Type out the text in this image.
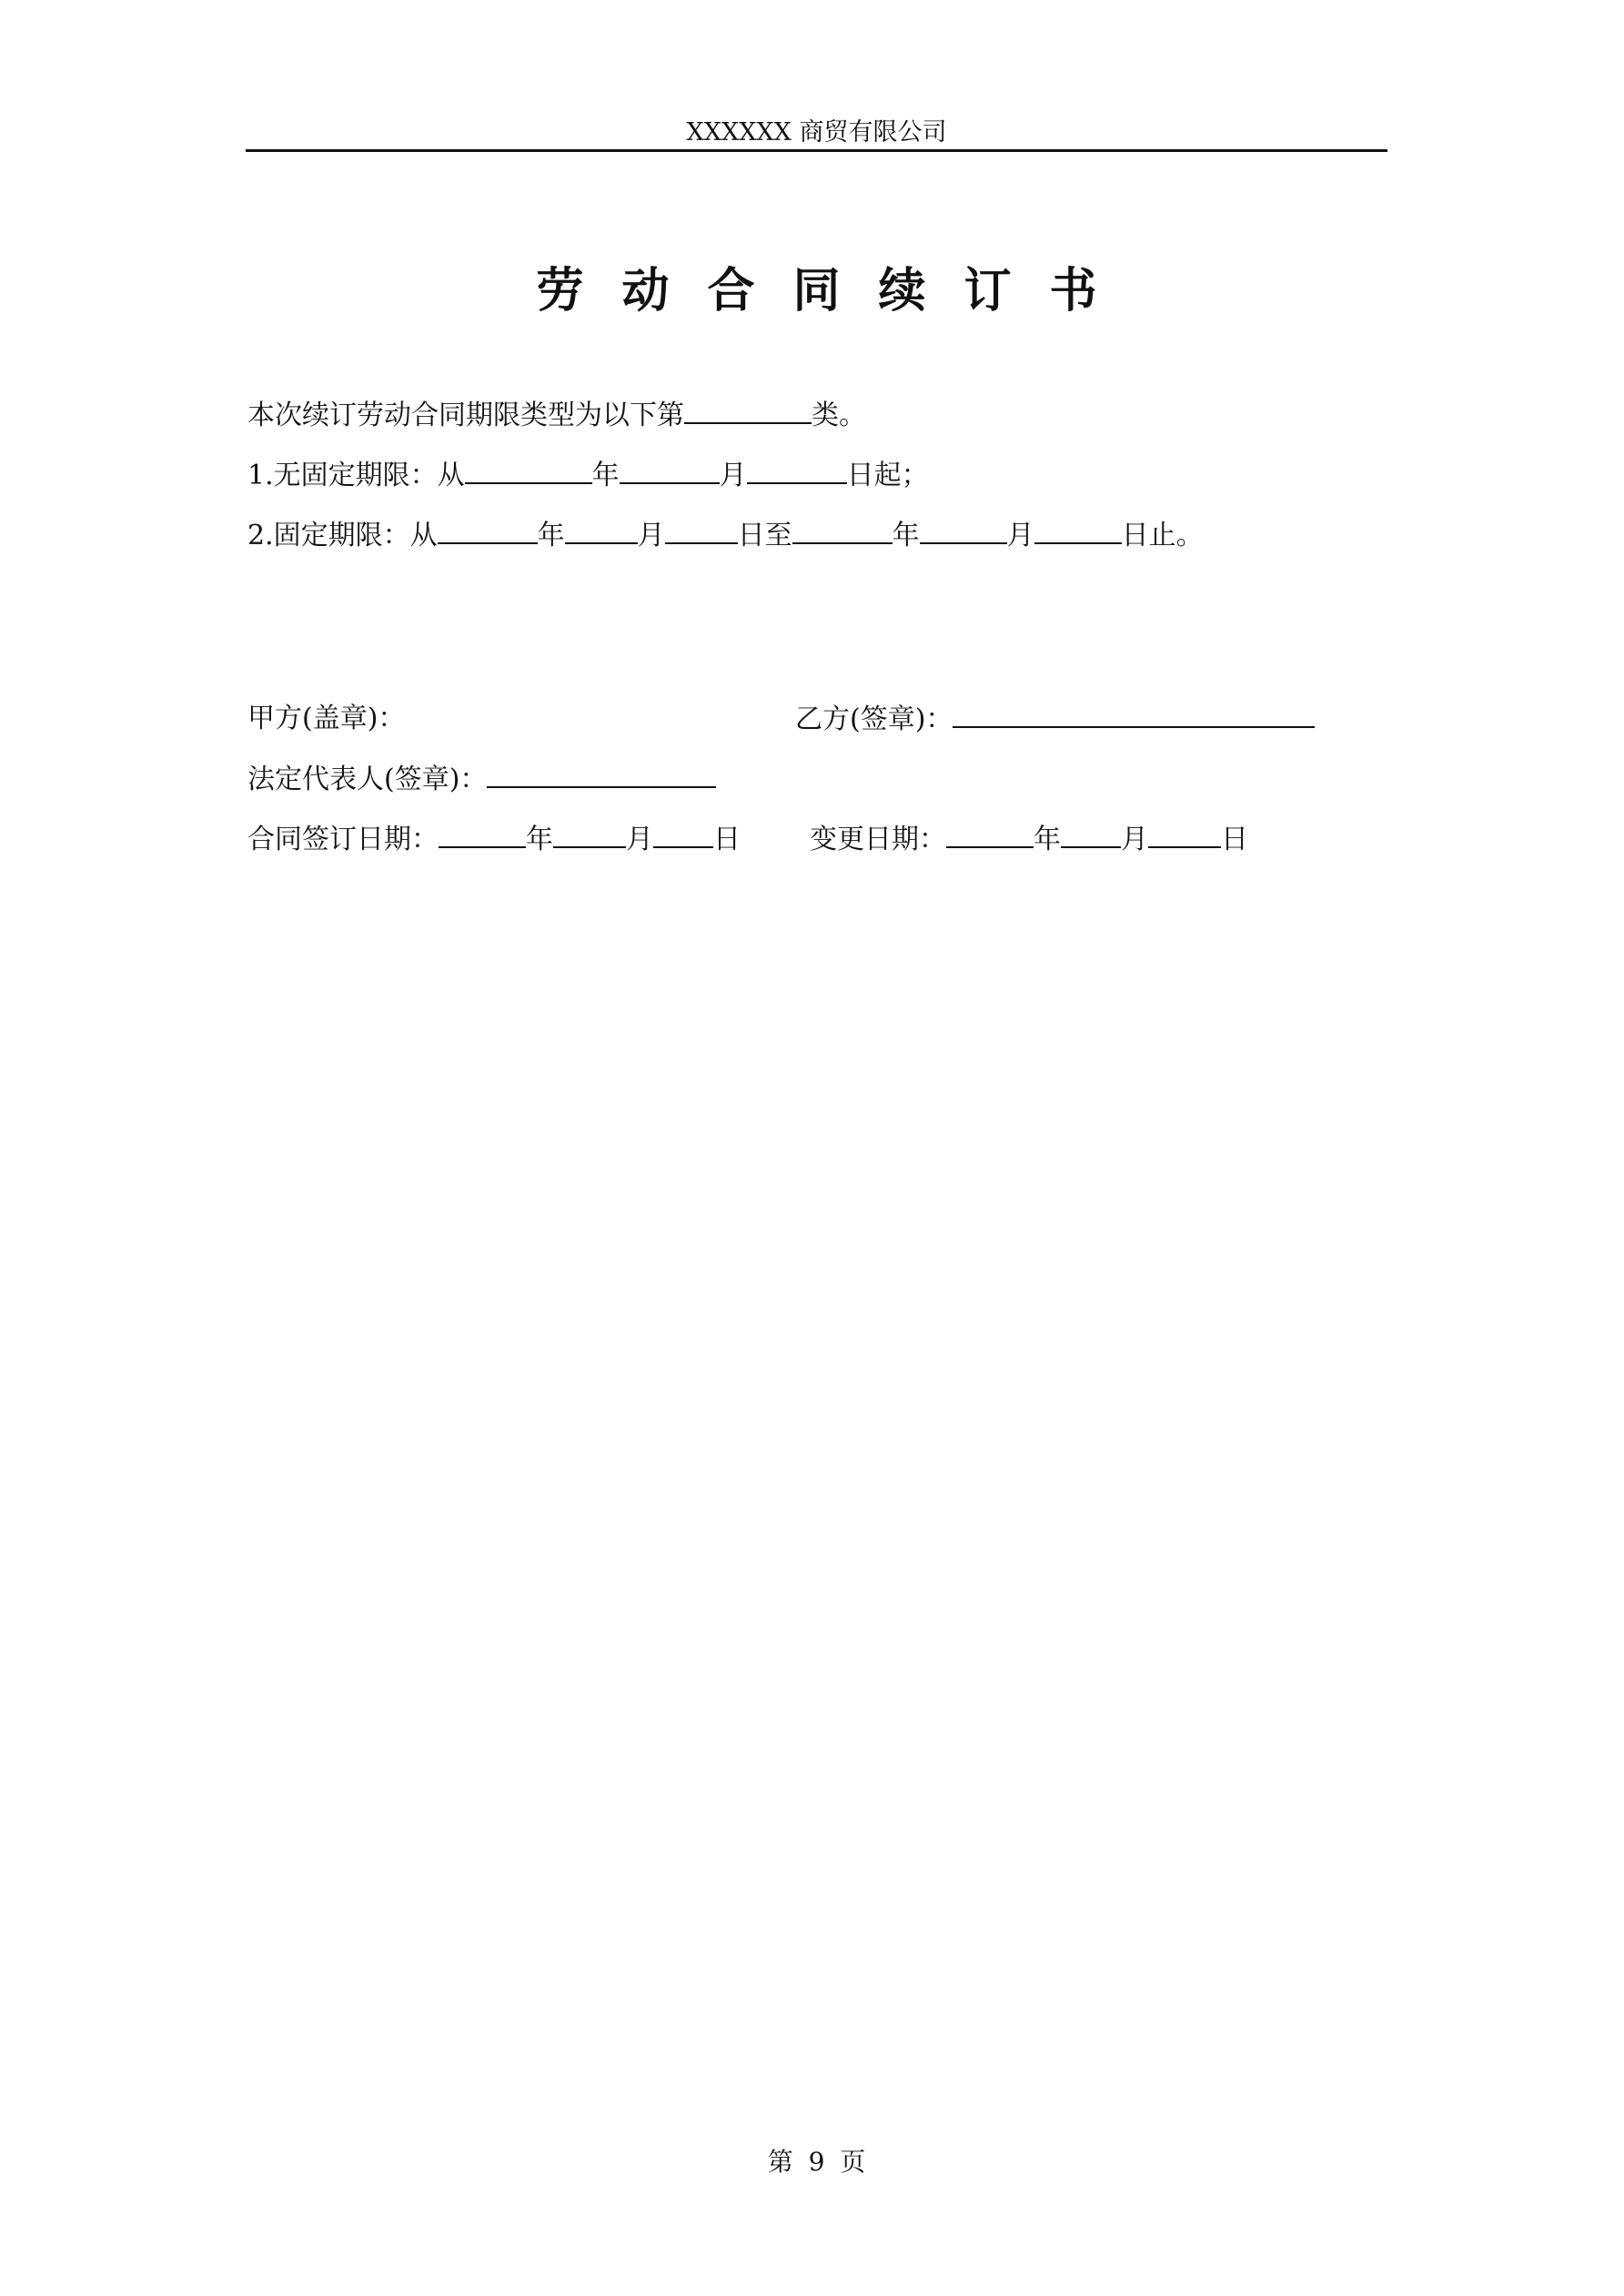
XXXXXX 商贸有限公司
劳动合同续订书
本次续订劳动合同期限类型为以下第	类。
1.无固定期限：从	年	月	日起；
2.固定期限：从	年	月	日至	年	月	日止。
甲方(盖章)：	乙方(签章)：
法定代表人(签章)：
合同签订日期：	年	月 日	变更日期：	年 月	日
第 9 页
